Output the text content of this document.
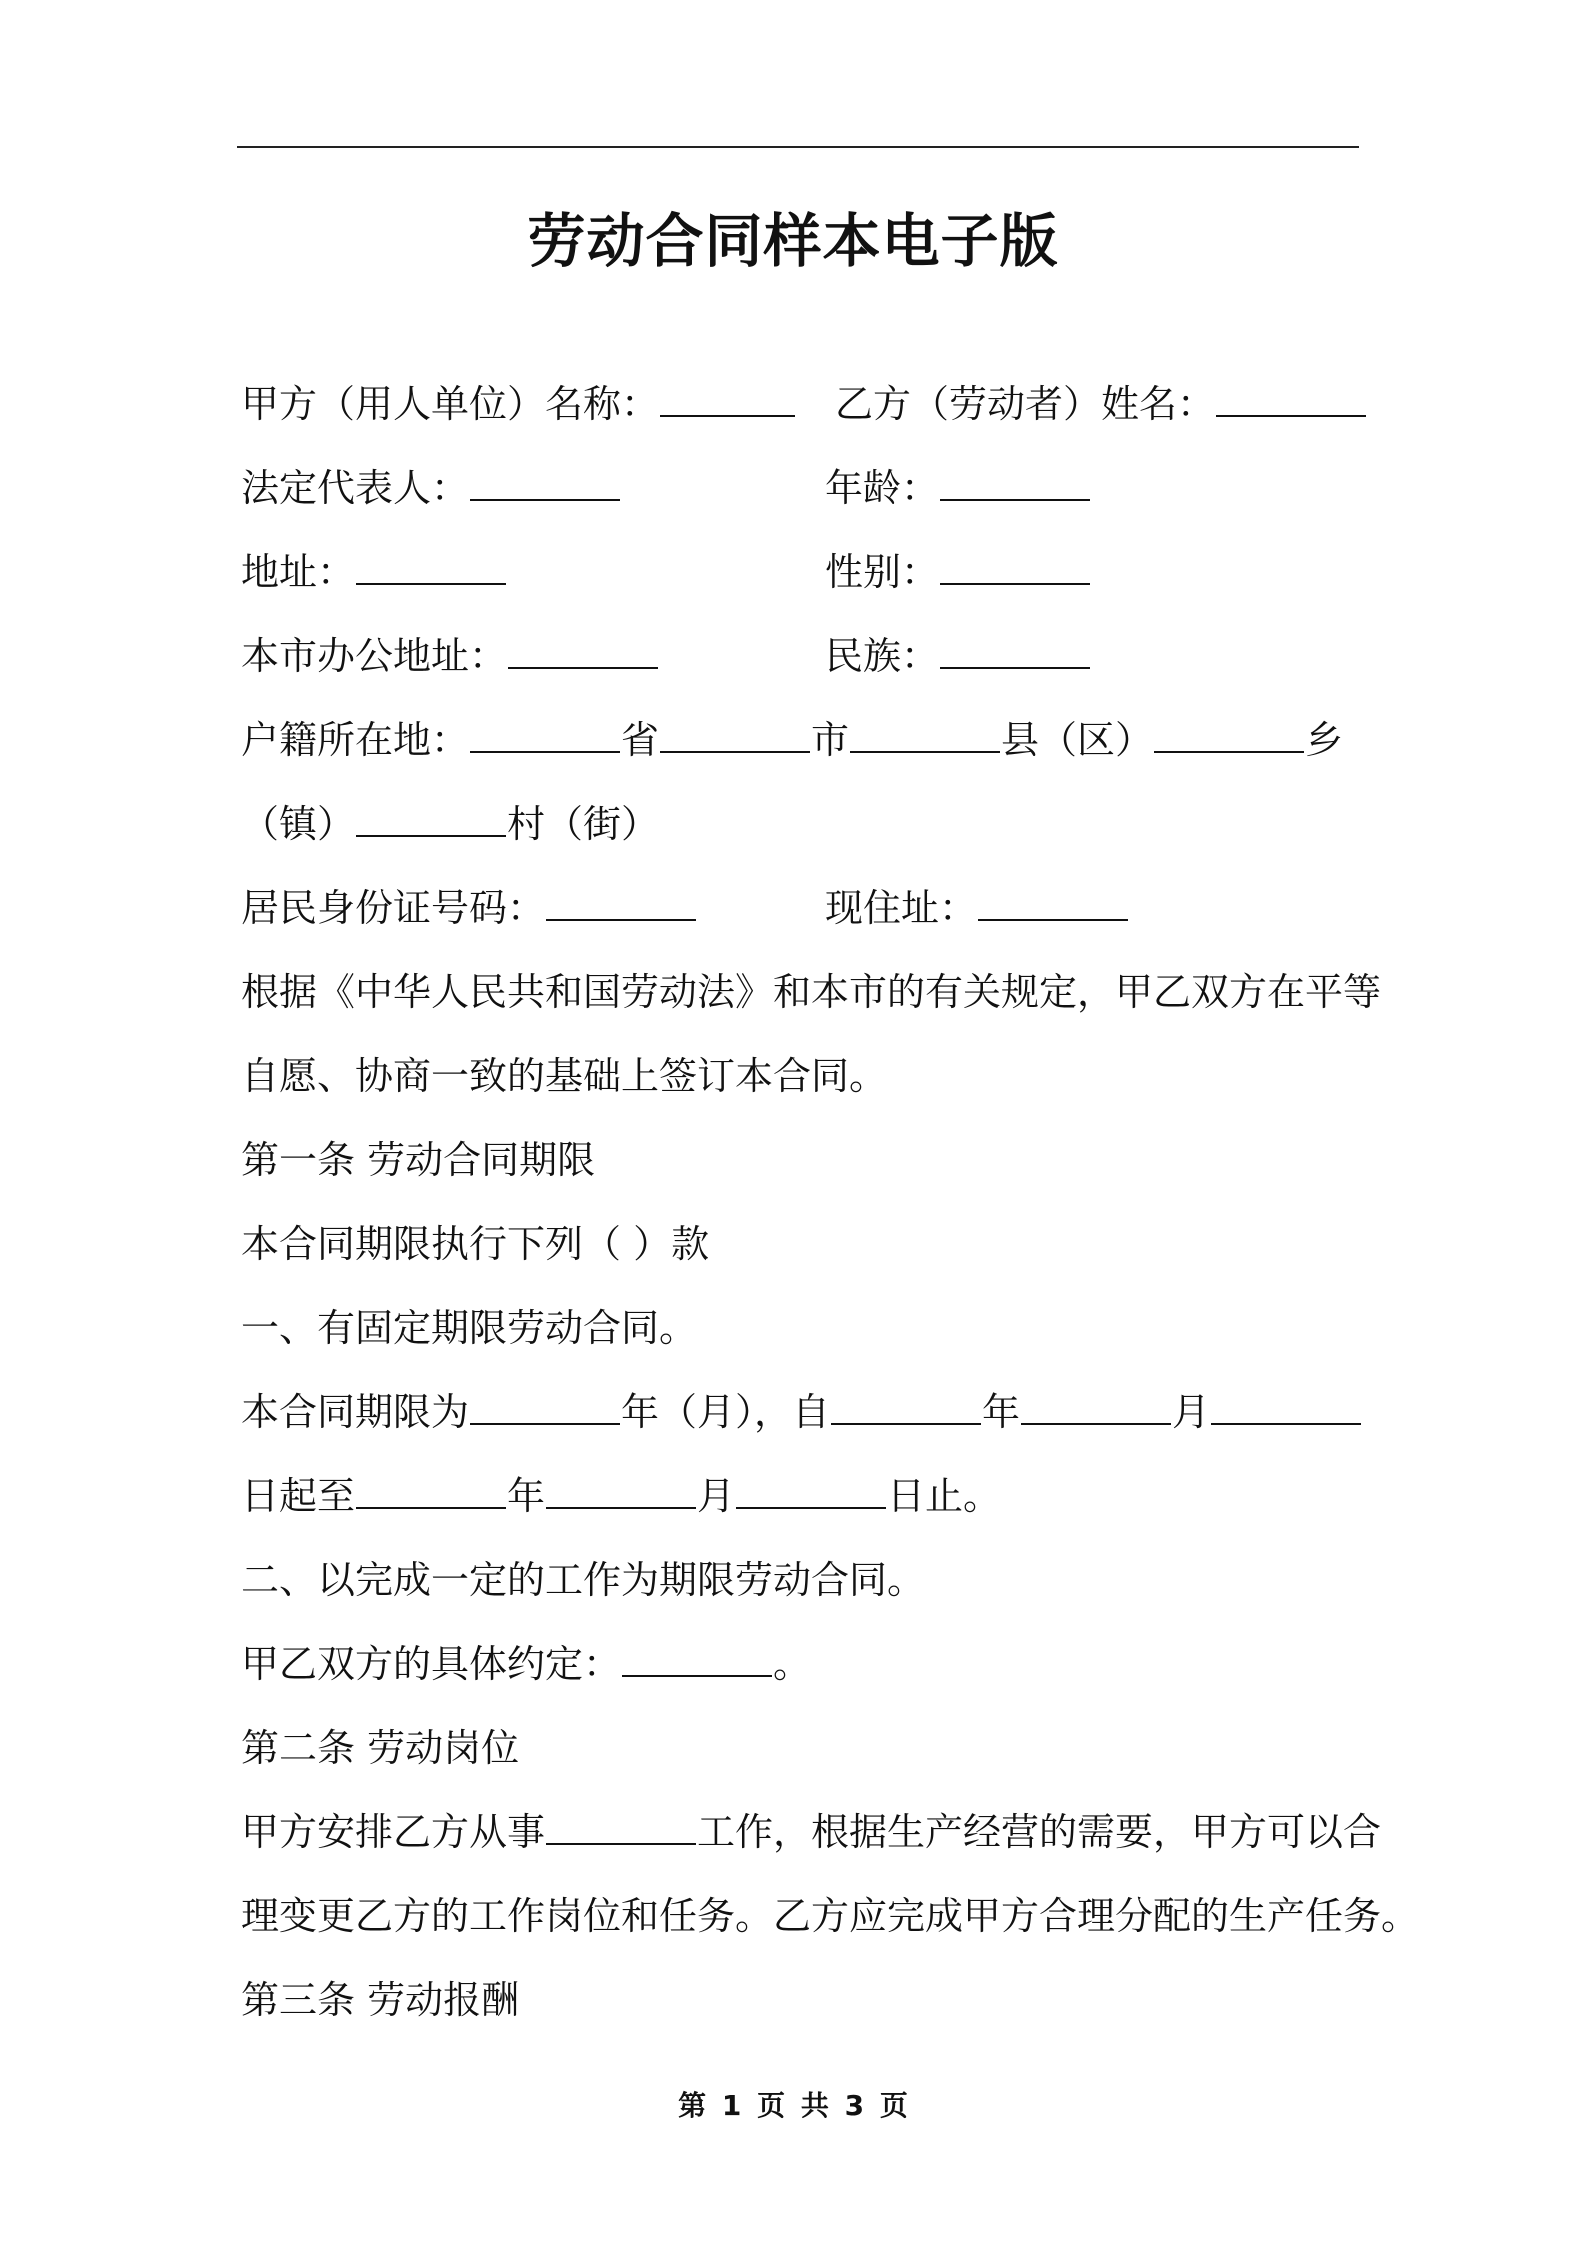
劳动合同样本电子版
甲方（用人单位）名称：	乙方（劳动者）姓名：
法定代表人：	年龄：
地址：	性别：
本市办公地址：	民族：
户籍所在地：	省	市	县（区）	乡
（镇）	村（街）
居民身份证号码：	现住址：
根据《中华人民共和国劳动法》和本市的有关规定，甲乙双方在平等
自愿、协商一致的基础上签订本合同。
第一条 劳动合同期限
本合同期限执行下列（ ）款
一、有固定期限劳动合同。
本合同期限为	年（月），自	年	月
日起至	年	月	日止。
二、以完成一定的工作为期限劳动合同。
甲乙双方的具体约定：	。
第二条 劳动岗位
甲方安排乙方从事	工作，根据生产经营的需要，甲方可以合
理变更乙方的工作岗位和任务。乙方应完成甲方合理分配的生产任务。
第三条 劳动报酬
第 1 页 共 3 页
